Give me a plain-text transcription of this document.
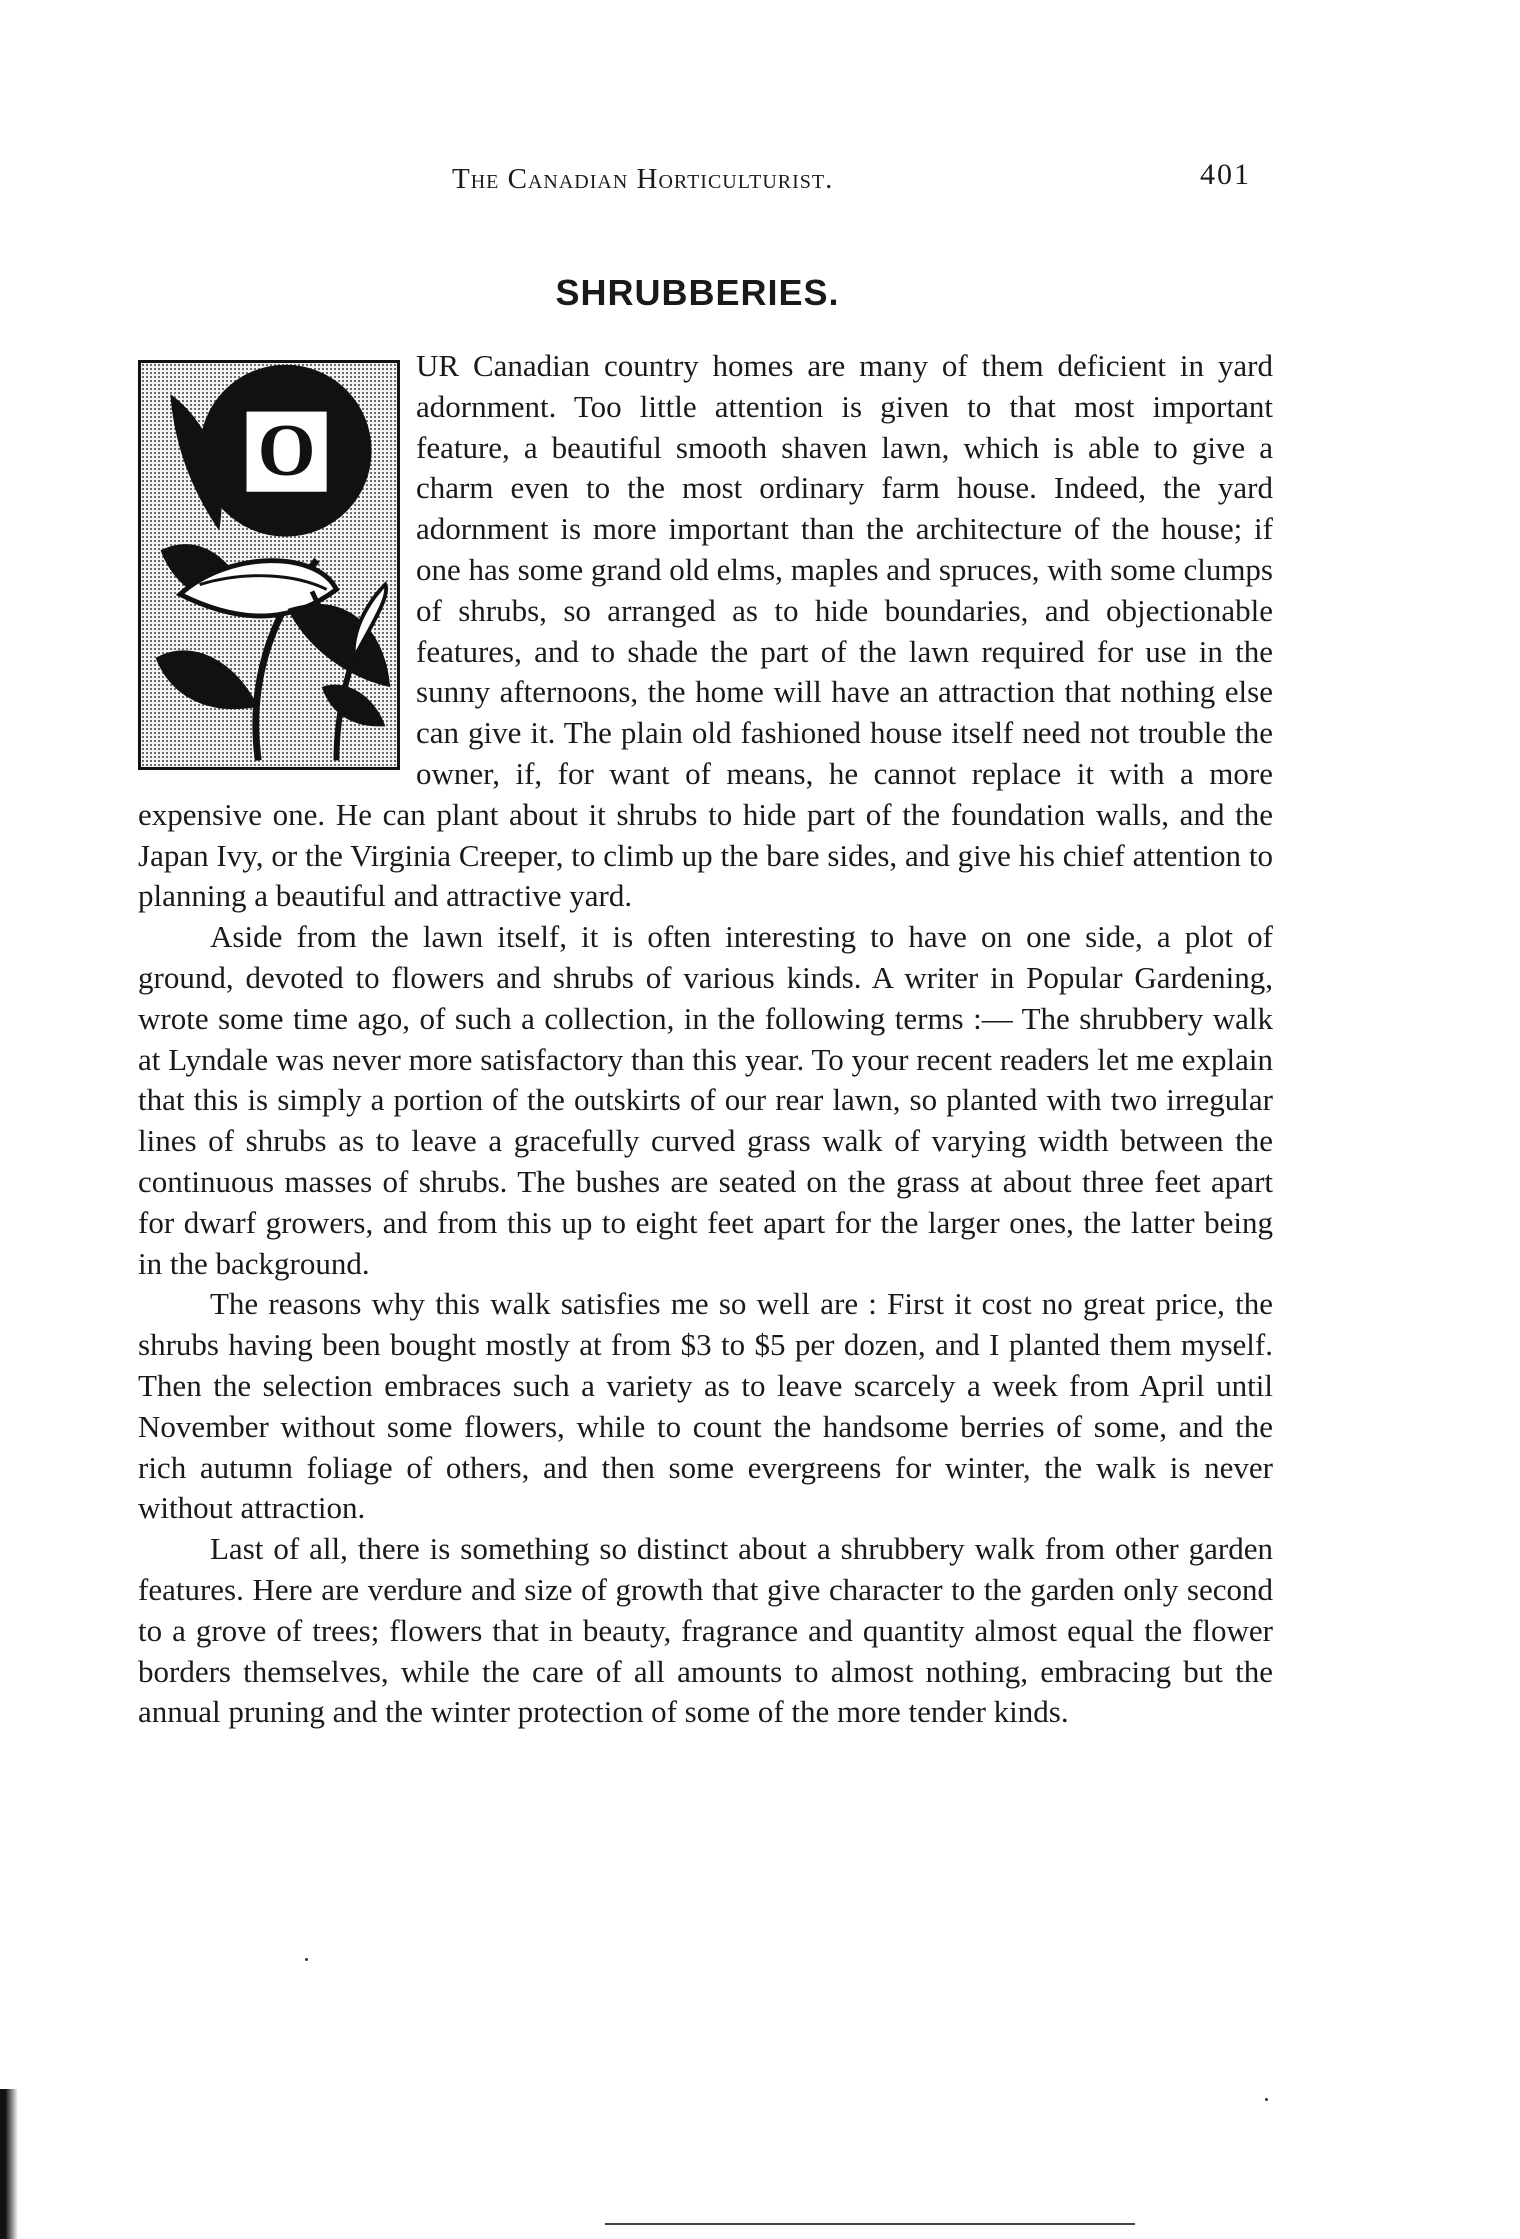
The Canadian Horticulturist.	401
SHRUBBERIES.
O

UR Canadian country homes are many of them deficient in yard adornment. Too little attention is given to that most important feature, a beautiful smooth shaven lawn, which is able to give a charm even to the most ordinary farm house. Indeed, the yard adornment is more important than the architecture of the house; if one has some grand old elms, maples and spruces, with some clumps of shrubs, so arranged as to hide boundaries, and objectionable features, and to shade the part of the lawn required for use in the sunny afternoons, the home will have an attraction that nothing else can give it. The plain old fashioned house itself need not trouble the owner, if, for want of means, he cannot replace it with a more expensive one. He can plant about it shrubs to hide part of the foundation walls, and the Japan Ivy, or the Virginia Creeper, to climb up the bare sides, and give his chief attention to planning a beautiful and attractive yard.

Aside from the lawn itself, it is often interesting to have on one side, a plot of ground, devoted to flowers and shrubs of various kinds. A writer in Popular Gardening, wrote some time ago, of such a collection, in the following terms :— The shrubbery walk at Lyndale was never more satisfactory than this year. To your recent readers let me explain that this is simply a portion of the outskirts of our rear lawn, so planted with two irregular lines of shrubs as to leave a gracefully curved grass walk of varying width between the continuous masses of shrubs. The bushes are seated on the grass at about three feet apart for dwarf growers, and from this up to eight feet apart for the larger ones, the latter being in the background.

The reasons why this walk satisfies me so well are : First it cost no great price, the shrubs having been bought mostly at from $3 to $5 per dozen, and I planted them myself. Then the selection embraces such a variety as to leave scarcely a week from April until November without some flowers, while to count the handsome berries of some, and the rich autumn foliage of others, and then some evergreens for winter, the walk is never without attraction.

Last of all, there is something so distinct about a shrubbery walk from other garden features. Here are verdure and size of growth that give character to the garden only second to a grove of trees; flowers that in beauty, fragrance and quantity almost equal the flower borders themselves, while the care of all amounts to almost nothing, embracing but the annual pruning and the winter protection of some of the more tender kinds.
